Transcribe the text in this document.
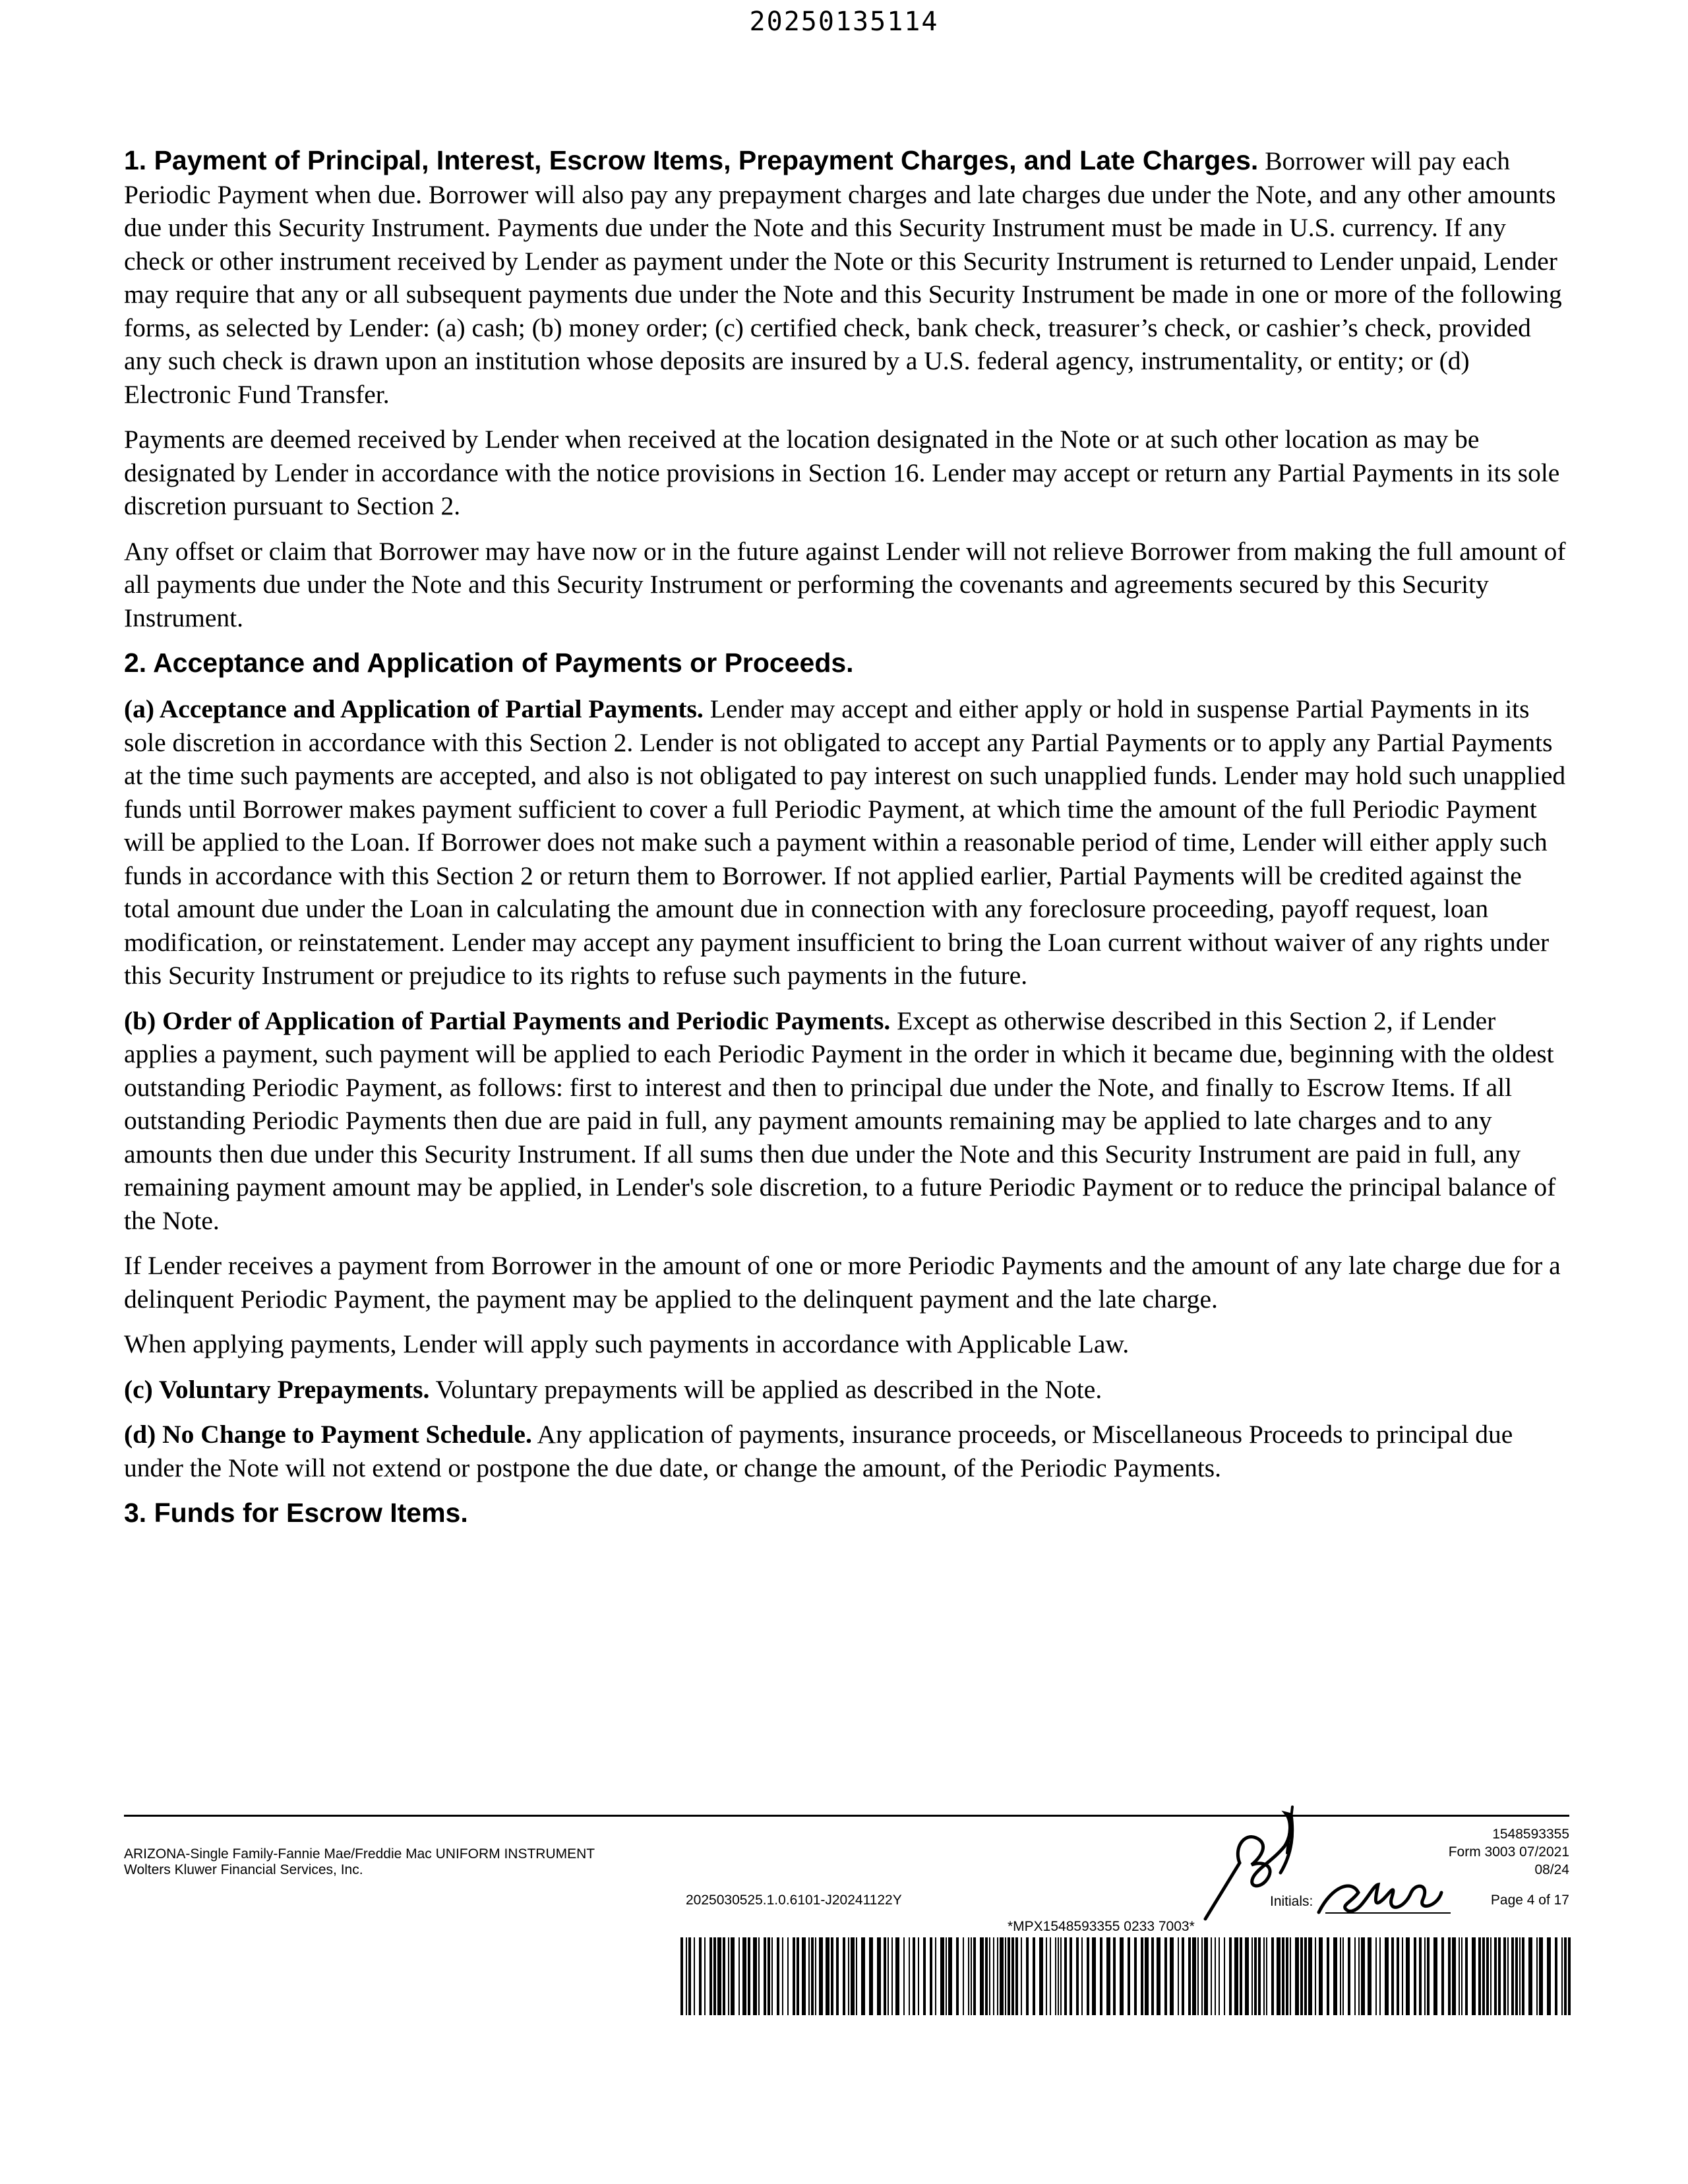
20250135114

1. Payment of Principal, Interest, Escrow Items, Prepayment Charges, and Late Charges. Borrower will pay each Periodic Payment when due. Borrower will also pay any prepayment charges and late charges due under the Note, and any other amounts due under this Security Instrument. Payments due under the Note and this Security Instrument must be made in U.S. currency. If any check or other instrument received by Lender as payment under the Note or this Security Instrument is returned to Lender unpaid, Lender may require that any or all subsequent payments due under the Note and this Security Instrument be made in one or more of the following forms, as selected by Lender: (a) cash; (b) money order; (c) certified check, bank check, treasurer’s check, or cashier’s check, provided any such check is drawn upon an institution whose deposits are insured by a U.S. federal agency, instrumentality, or entity; or (d) Electronic Fund Transfer.

Payments are deemed received by Lender when received at the location designated in the Note or at such other location as may be designated by Lender in accordance with the notice provisions in Section 16. Lender may accept or return any Partial Payments in its sole discretion pursuant to Section 2.

Any offset or claim that Borrower may have now or in the future against Lender will not relieve Borrower from making the full amount of all payments due under the Note and this Security Instrument or performing the covenants and agreements secured by this Security Instrument.

2. Acceptance and Application of Payments or Proceeds.

(a) Acceptance and Application of Partial Payments. Lender may accept and either apply or hold in suspense Partial Payments in its sole discretion in accordance with this Section 2. Lender is not obligated to accept any Partial Payments or to apply any Partial Payments at the time such payments are accepted, and also is not obligated to pay interest on such unapplied funds. Lender may hold such unapplied funds until Borrower makes payment sufficient to cover a full Periodic Payment, at which time the amount of the full Periodic Payment will be applied to the Loan. If Borrower does not make such a payment within a reasonable period of time, Lender will either apply such funds in accordance with this Section 2 or return them to Borrower. If not applied earlier, Partial Payments will be credited against the total amount due under the Loan in calculating the amount due in connection with any foreclosure proceeding, payoff request, loan modification, or reinstatement. Lender may accept any payment insufficient to bring the Loan current without waiver of any rights under this Security Instrument or prejudice to its rights to refuse such payments in the future.

(b) Order of Application of Partial Payments and Periodic Payments. Except as otherwise described in this Section 2, if Lender applies a payment, such payment will be applied to each Periodic Payment in the order in which it became due, beginning with the oldest outstanding Periodic Payment, as follows: first to interest and then to principal due under the Note, and finally to Escrow Items. If all outstanding Periodic Payments then due are paid in full, any payment amounts remaining may be applied to late charges and to any amounts then due under this Security Instrument. If all sums then due under the Note and this Security Instrument are paid in full, any remaining payment amount may be applied, in Lender's sole discretion, to a future Periodic Payment or to reduce the principal balance of the Note.

If Lender receives a payment from Borrower in the amount of one or more Periodic Payments and the amount of any late charge due for a delinquent Periodic Payment, the payment may be applied to the delinquent payment and the late charge.

When applying payments, Lender will apply such payments in accordance with Applicable Law.

(c) Voluntary Prepayments. Voluntary prepayments will be applied as described in the Note.

(d) No Change to Payment Schedule. Any application of payments, insurance proceeds, or Miscellaneous Proceeds to principal due under the Note will not extend or postpone the due date, or change the amount, of the Periodic Payments.

3. Funds for Escrow Items.
ARIZONA-Single Family-Fannie Mae/Freddie Mac UNIFORM INSTRUMENT
Wolters Kluwer Financial Services, Inc.
2025030525.1.0.6101-J20241122Y
1548593355
Form 3003 07/2021
08/24
Page 4 of 17
Initials:
*MPX1548593355 0233 7003*
